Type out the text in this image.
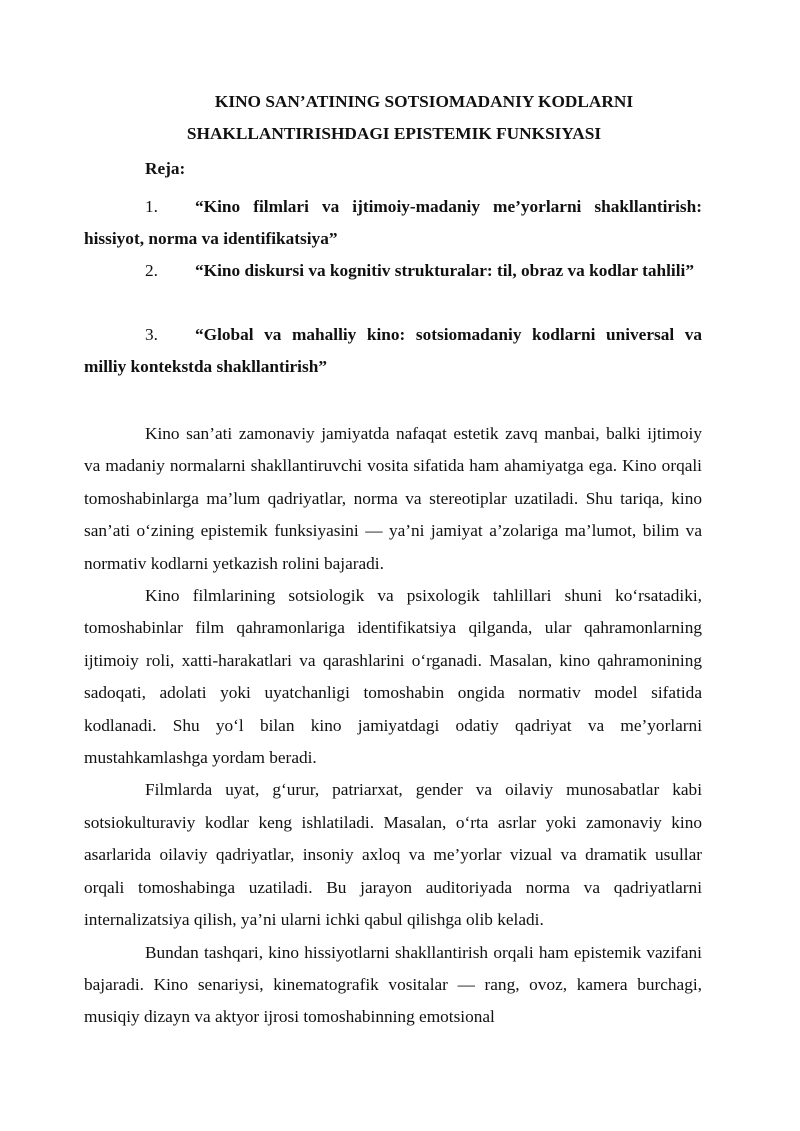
KINO SAN’ATINING SOTSIOMADANIY KODLARNI
SHAKLLANTIRISHDAGI EPISTEMIK FUNKSIYASI
Reja:
1. “Kino filmlari va ijtimoiy-madaniy me’yorlarni shakllantirish: hissiyot, norma va identifikatsiya”
2. “Kino diskursi va kognitiv strukturalar: til, obraz va kodlar tahlili”
3. “Global va mahalliy kino: sotsiomadaniy kodlarni universal va milliy kontekstda shakllantirish”

Kino san’ati zamonaviy jamiyatda nafaqat estetik zavq manbai, balki ijtimoiy va madaniy normalarni shakllantiruvchi vosita sifatida ham ahamiyatga ega. Kino orqali tomoshabinlarga ma’lum qadriyatlar, norma va stereotiplar uzatiladi. Shu tariqa, kino san’ati o‘zining epistemik funksiyasini — ya’ni jamiyat a’zolariga ma’lumot, bilim va normativ kodlarni yetkazish rolini bajaradi.

Kino filmlarining sotsiologik va psixologik tahlillari shuni ko‘rsatadiki, tomoshabinlar film qahramonlariga identifikatsiya qilganda, ular qahramonlarning ijtimoiy roli, xatti-harakatlari va qarashlarini o‘rganadi. Masalan, kino qahramonining sadoqati, adolati yoki uyatchanligi tomoshabin ongida normativ model sifatida kodlanadi. Shu yo‘l bilan kino jamiyatdagi odatiy qadriyat va me’yorlarni mustahkamlashga yordam beradi.

Filmlarda uyat, g‘urur, patriarxat, gender va oilaviy munosabatlar kabi sotsiokulturaviy kodlar keng ishlatiladi. Masalan, o‘rta asrlar yoki zamonaviy kino asarlarida oilaviy qadriyatlar, insoniy axloq va me’yorlar vizual va dramatik usullar orqali tomoshabinga uzatiladi. Bu jarayon auditoriyada norma va qadriyatlarni internalizatsiya qilish, ya’ni ularni ichki qabul qilishga olib keladi.

Bundan tashqari, kino hissiyotlarni shakllantirish orqali ham epistemik vazifani bajaradi. Kino senariysi, kinematografik vositalar — rang, ovoz, kamera burchagi, musiqiy dizayn va aktyor ijrosi tomoshabinning emotsional
